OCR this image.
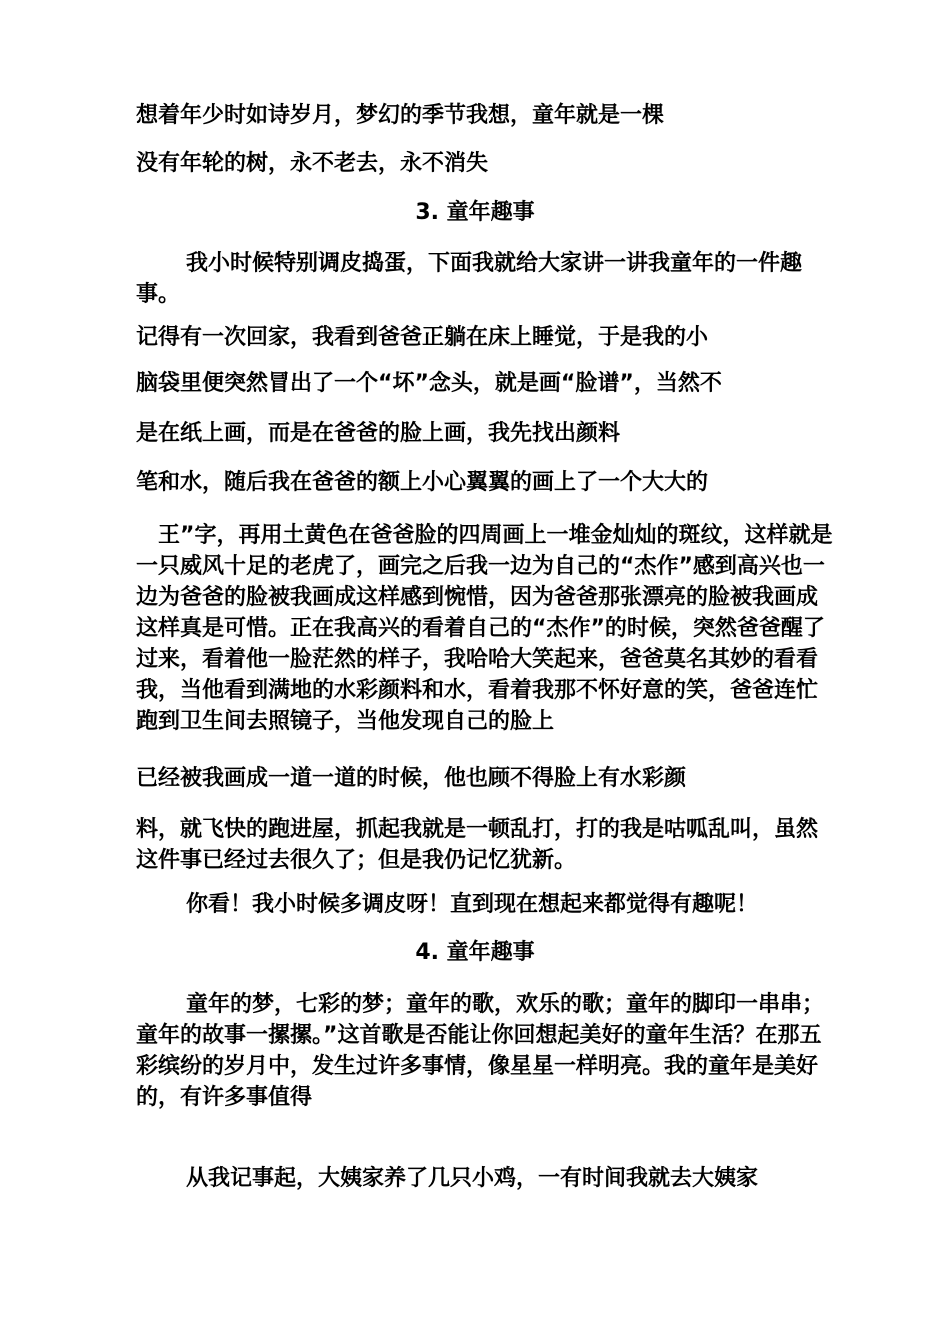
想着年少时如诗岁月，梦幻的季节我想，童年就是一棵

没有年轮的树，永不老去，永不消失

3. 童年趣事

我小时候特别调皮捣蛋，下面我就给大家讲一讲我童年的一件趣事。

记得有一次回家，我看到爸爸正躺在床上睡觉，于是我的小

脑袋里便突然冒出了一个“坏”念头，就是画“脸谱”，当然不

是在纸上画，而是在爸爸的脸上画，我先找出颜料

笔和水，随后我在爸爸的额上小心翼翼的画上了一个大大的

王”字，再用土黄色在爸爸脸的四周画上一堆金灿灿的斑纹，这样就是一只威风十足的老虎了，画完之后我一边为自己的“杰作”感到高兴也一边为爸爸的脸被我画成这样感到惋惜，因为爸爸那张漂亮的脸被我画成这样真是可惜。正在我高兴的看着自己的“杰作”的时候，突然爸爸醒了过来，看着他一脸茫然的样子，我哈哈大笑起来，爸爸莫名其妙的看看我，当他看到满地的水彩颜料和水，看着我那不怀好意的笑，爸爸连忙跑到卫生间去照镜子，当他发现自己的脸上

已经被我画成一道一道的时候，他也顾不得脸上有水彩颜

料，就飞快的跑进屋，抓起我就是一顿乱打，打的我是咕呱乱叫，虽然这件事已经过去很久了；但是我仍记忆犹新。

你看！我小时候多调皮呀！直到现在想起来都觉得有趣呢！

4. 童年趣事

童年的梦，七彩的梦；童年的歌，欢乐的歌；童年的脚印一串串；童年的故事一摞摞。”这首歌是否能让你回想起美好的童年生活？在那五彩缤纷的岁月中，发生过许多事情，像星星一样明亮。我的童年是美好的，有许多事值得

从我记事起，大姨家养了几只小鸡，一有时间我就去大姨家
